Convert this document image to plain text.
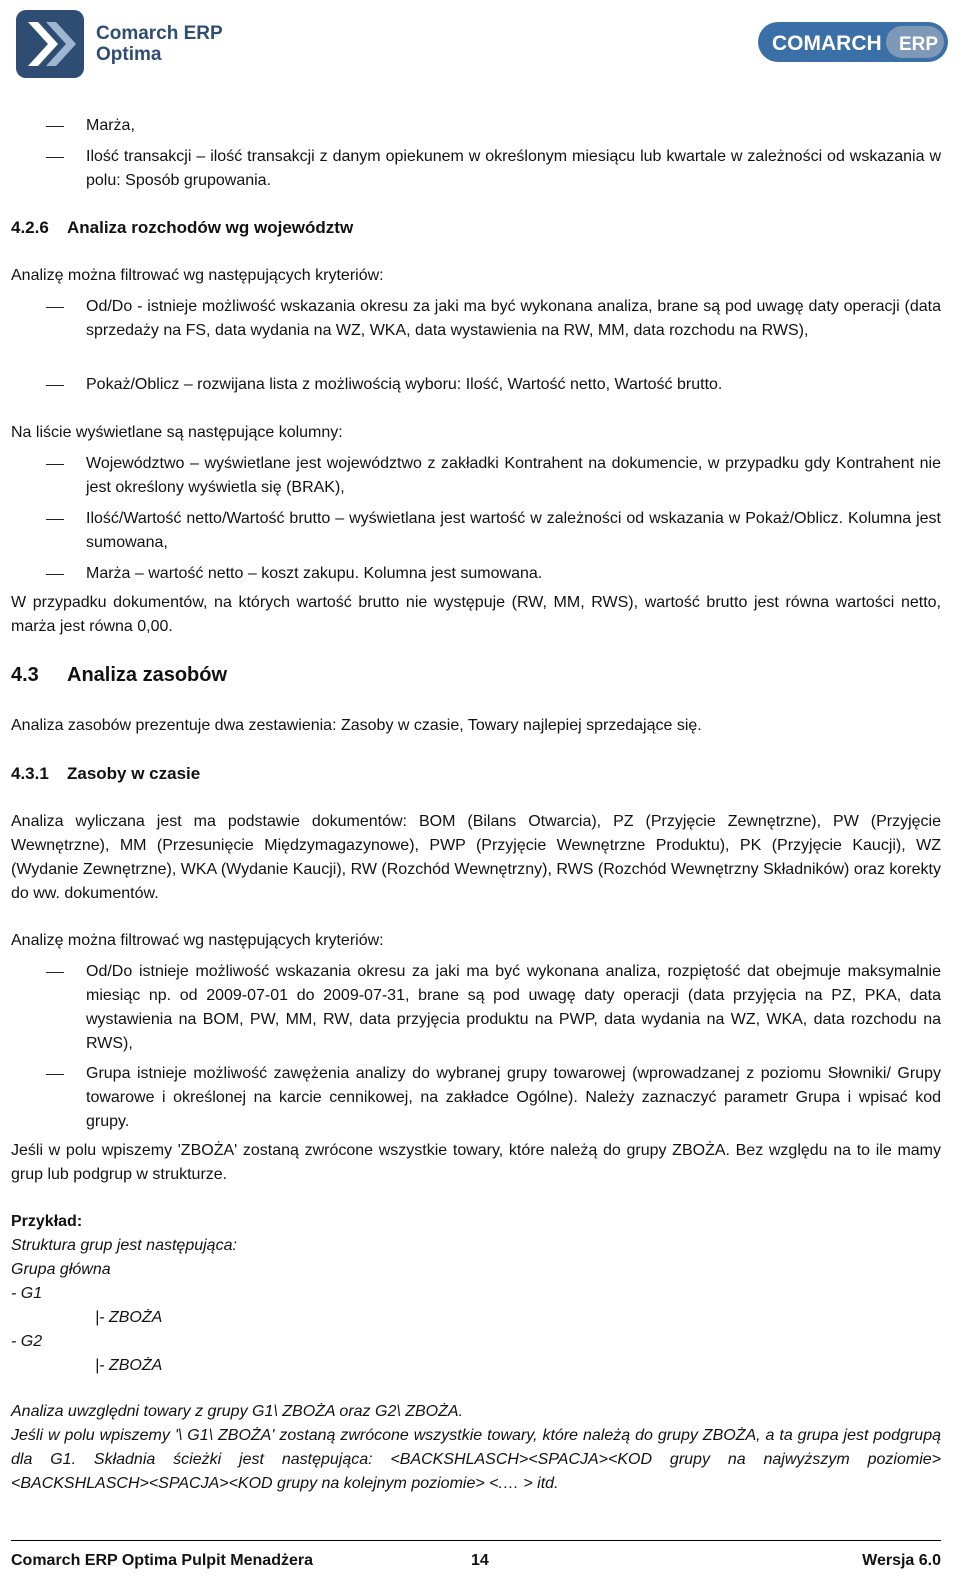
Comarch ERP
Optima	COMARCH ERP

Marża,

Ilość transakcji – ilość transakcji z danym opiekunem w określonym miesiącu lub kwartale w zależności od wskazania w polu: Sposób grupowania.

4.2.6 Analiza rozchodów wg województw

Analizę można filtrować wg następujących kryteriów:

Od/Do - istnieje możliwość wskazania okresu za jaki ma być wykonana analiza, brane są pod uwagę daty operacji (data sprzedaży na FS, data wydania na WZ, WKA, data wystawienia na RW, MM, data rozchodu na RWS),

Pokaż/Oblicz – rozwijana lista z możliwością wyboru: Ilość, Wartość netto, Wartość brutto.

Na liście wyświetlane są następujące kolumny:

Województwo – wyświetlane jest województwo z zakładki Kontrahent na dokumencie, w przypadku gdy Kontrahent nie jest określony wyświetla się (BRAK),

Ilość/Wartość netto/Wartość brutto – wyświetlana jest wartość w zależności od wskazania w Pokaż/Oblicz. Kolumna jest sumowana,

Marża – wartość netto – koszt zakupu. Kolumna jest sumowana.

W przypadku dokumentów, na których wartość brutto nie występuje (RW, MM, RWS), wartość brutto jest równa wartości netto, marża jest równa 0,00.

4.3 Analiza zasobów

Analiza zasobów prezentuje dwa zestawienia: Zasoby w czasie, Towary najlepiej sprzedające się.

4.3.1 Zasoby w czasie

Analiza wyliczana jest ma podstawie dokumentów: BOM (Bilans Otwarcia), PZ (Przyjęcie Zewnętrzne), PW (Przyjęcie Wewnętrzne), MM (Przesunięcie Międzymagazynowe), PWP (Przyjęcie Wewnętrzne Produktu), PK (Przyjęcie Kaucji), WZ (Wydanie Zewnętrzne), WKA (Wydanie Kaucji), RW (Rozchód Wewnętrzny), RWS (Rozchód Wewnętrzny Składników) oraz korekty do ww. dokumentów.

Analizę można filtrować wg następujących kryteriów:

Od/Do istnieje możliwość wskazania okresu za jaki ma być wykonana analiza, rozpiętość dat obejmuje maksymalnie miesiąc np. od 2009-07-01 do 2009-07-31, brane są pod uwagę daty operacji (data przyjęcia na PZ, PKA, data wystawienia na BOM, PW, MM, RW, data przyjęcia produktu na PWP, data wydania na WZ, WKA, data rozchodu na RWS),

Grupa istnieje możliwość zawężenia analizy do wybranej grupy towarowej (wprowadzanej z poziomu Słowniki/ Grupy towarowe i określonej na karcie cennikowej, na zakładce Ogólne). Należy zaznaczyć parametr Grupa i wpisać kod grupy.

Jeśli w polu wpiszemy 'ZBOŻA' zostaną zwrócone wszystkie towary, które należą do grupy ZBOŻA. Bez względu na to ile mamy grup lub podgrup w strukturze.

Przykład:

Struktura grup jest następująca:

Grupa główna

- G1

|- ZBOŻA

- G2

|- ZBOŻA

Analiza uwzględni towary z grupy G1\ ZBOŻA oraz G2\ ZBOŻA.

Jeśli w polu wpiszemy '\ G1\ ZBOŻA' zostaną zwrócone wszystkie towary, które należą do grupy ZBOŻA, a ta grupa jest podgrupą dla G1. Składnia ścieżki jest następująca: <BACKSHLASCH><SPACJA><KOD grupy na najwyższym poziomie><BACKSHLASCH><SPACJA><KOD grupy na kolejnym poziomie> <.… > itd.

Comarch ERP Optima Pulpit Menadżera	14	Wersja 6.0
